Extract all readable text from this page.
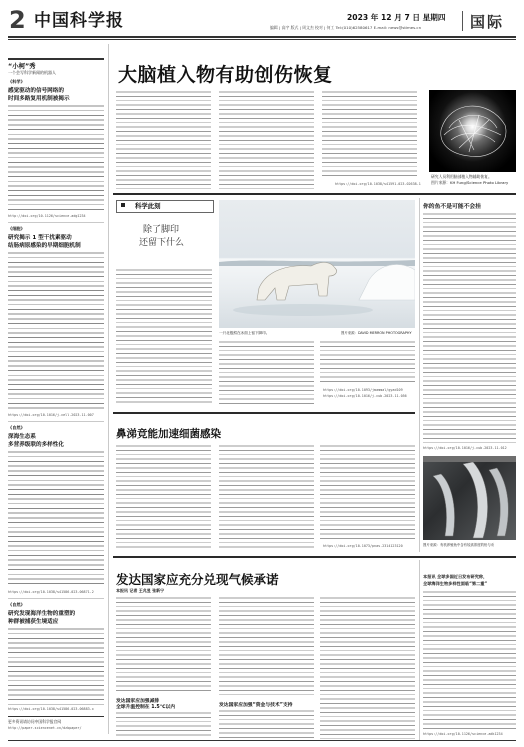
2 中国科学报	2023 年 12 月 7 日 星期四
编辑 | 高宇 版式 | 周文杰 校对 | 何工 Tel:(010)62580617 E-mail: news@stimes.cn	国际
“小柯”秀
一个会写科学新闻的机器人
《科学》
感觉驱动的信号网络的
时间多路复用机制被揭示
http://doi.org/10.1126/science.adg1234
《细胞》
研究揭示 1 型干扰素驱动
结肠病原感染的早期细胞机制
https://doi.org/10.1016/j.cell.2023.11.007
《自然》
深海生态系
多营养级联的多样性化
https://doi.org/10.1038/s41586-023-06871-2
《自然》
研究发现海洋生物的重塑的
种群被捕获生境适应
https://doi.org/10.1038/s41586-023-06883-x
更多资讯请访问中国科学报官网
http://paper.sciencenet.cn/dzbpaper/
大脑植入物有助创伤恢复
https://doi.org/10.1038/s41591-023-02638-1
研究人员利用脑部植入物辅助恢复。
图片来源：KH Fung/Science Photo Library
科学此刻
除了脚印
还留下什么
一只北极熊在冰面上留下脚印。	图片来源：DAVID MERRON PHOTOGRAPHY
https://doi.org/10.1093/jmammal/gyad109
https://doi.org/10.1016/j.cub.2023.11.056
你的鱼不是可能不会挂
https://doi.org/10.1016/j.cub.2023.11.012
图片来源：有机养殖鱼中含有较高浓度的铅与汞
鼻涕竞能加速细菌感染
https://doi.org/10.1073/pnas.2314123120
发达国家应充分兑现气候承诺
本报讯 记者 王兆昱 张新宁
发达国家应加强减排
全球升温控制在 1.5℃以内	发达国家应加强“资金与技术”支持
本报讯 全球多国近日发布研究称，
全球海洋生物多样性面临“第二重”
https://doi.org/10.1126/science.adk1234
